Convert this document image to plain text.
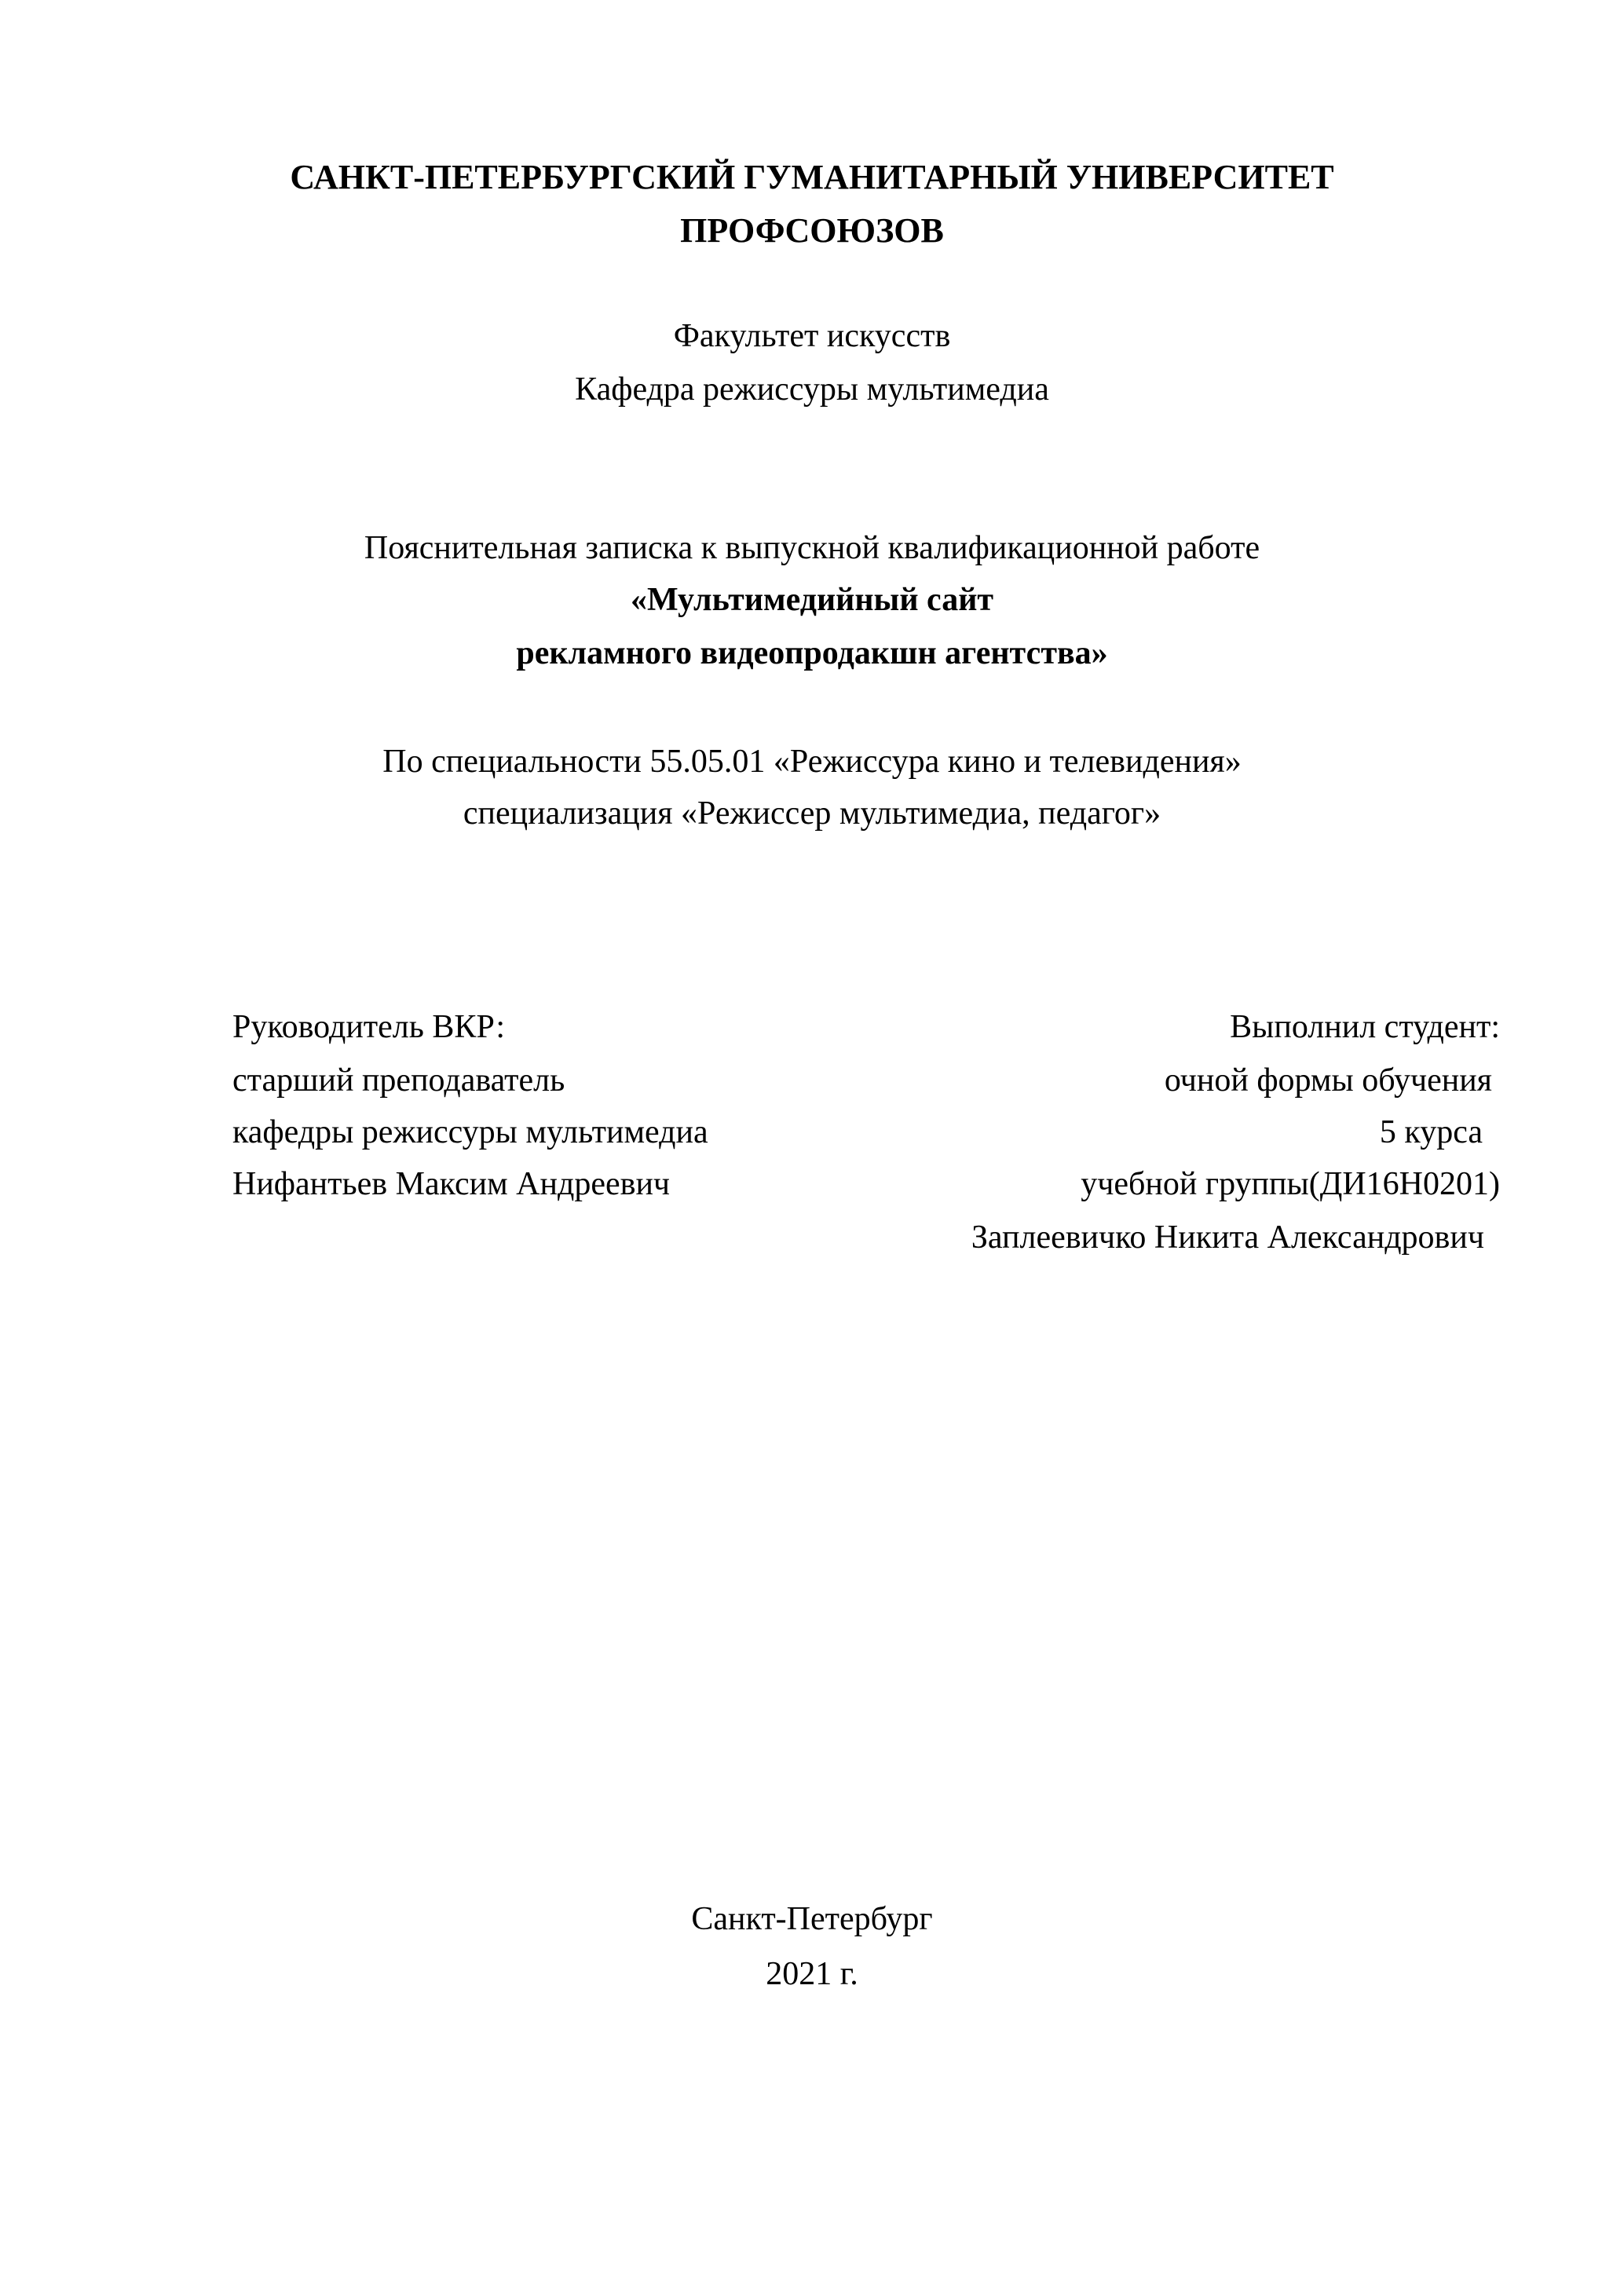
САНКТ-ПЕТЕРБУРГСКИЙ ГУМАНИТАРНЫЙ УНИВЕРСИТЕТ
ПРОФСОЮЗОВ
Факультет искусств
Кафедра режиссуры мультимедиа
Пояснительная записка к выпускной квалификационной работе
«Мультимедийный сайт
рекламного видеопродакшн агентства»
По специальности 55.05.01 «Режиссура кино и телевидения»
специализация «Режиссер мультимедиа, педагог»
Руководитель ВКР:
старший преподаватель
кафедры режиссуры мультимедиа
Нифантьев Максим Андреевич
Выполнил студент:
очной формы обучения
5 курса
учебной группы(ДИ16Н0201)
Заплеевичко Никита Александрович
Санкт-Петербург
2021 г.
